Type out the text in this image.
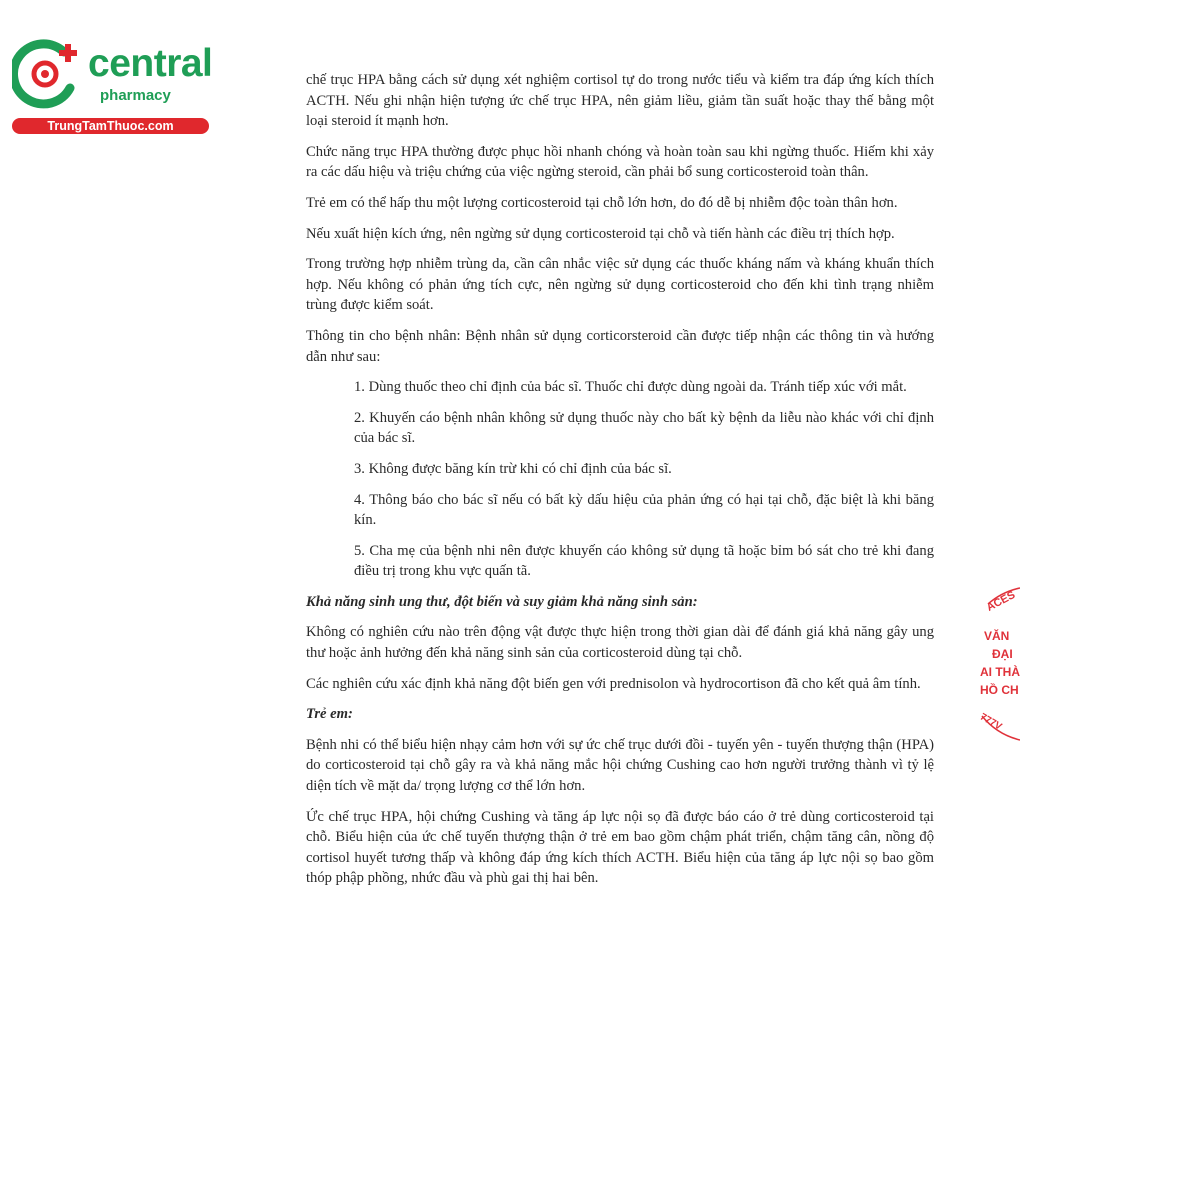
central
pharmacy
TrungTamThuoc.com

chế trục HPA bằng cách sử dụng xét nghiệm cortisol tự do trong nước tiểu và kiểm tra đáp ứng kích thích ACTH. Nếu ghi nhận hiện tượng ức chế trục HPA, nên giảm liều, giảm tần suất hoặc thay thế bằng một loại steroid ít mạnh hơn.

Chức năng trục HPA thường được phục hồi nhanh chóng và hoàn toàn sau khi ngừng thuốc. Hiếm khi xảy ra các dấu hiệu và triệu chứng của việc ngừng steroid, cần phải bổ sung corticosteroid toàn thân.

Trẻ em có thể hấp thu một lượng corticosteroid tại chỗ lớn hơn, do đó dễ bị nhiễm độc toàn thân hơn.

Nếu xuất hiện kích ứng, nên ngừng sử dụng corticosteroid tại chỗ và tiến hành các điều trị thích hợp.

Trong trường hợp nhiễm trùng da, cần cân nhắc việc sử dụng các thuốc kháng nấm và kháng khuẩn thích hợp. Nếu không có phản ứng tích cực, nên ngừng sử dụng corticosteroid cho đến khi tình trạng nhiễm trùng được kiểm soát.

Thông tin cho bệnh nhân: Bệnh nhân sử dụng corticorsteroid cần được tiếp nhận các thông tin và hướng dẫn như sau:

1. Dùng thuốc theo chỉ định của bác sĩ. Thuốc chỉ được dùng ngoài da. Tránh tiếp xúc với mắt.

2. Khuyến cáo bệnh nhân không sử dụng thuốc này cho bất kỳ bệnh da liễu nào khác với chỉ định của bác sĩ.

3. Không được băng kín trừ khi có chỉ định của bác sĩ.

4. Thông báo cho bác sĩ nếu có bất kỳ dấu hiệu của phản ứng có hại tại chỗ, đặc biệt là khi băng kín.

5. Cha mẹ của bệnh nhi nên được khuyến cáo không sử dụng tã hoặc bỉm bó sát cho trẻ khi đang điều trị trong khu vực quấn tã.

Khả năng sinh ung thư, đột biến và suy giảm khả năng sinh sản:

Không có nghiên cứu nào trên động vật được thực hiện trong thời gian dài để đánh giá khả năng gây ung thư hoặc ảnh hưởng đến khả năng sinh sản của corticosteroid dùng tại chỗ.

Các nghiên cứu xác định khả năng đột biến gen với prednisolon và hydrocortison đã cho kết quả âm tính.

Trẻ em:

Bệnh nhi có thể biểu hiện nhạy cảm hơn với sự ức chế trục dưới đồi - tuyến yên - tuyến thượng thận (HPA) do corticosteroid tại chỗ gây ra và khả năng mắc hội chứng Cushing cao hơn người trưởng thành vì tỷ lệ diện tích về mặt da/ trọng lượng cơ thể lớn hơn.

Ức chế trục HPA, hội chứng Cushing và tăng áp lực nội sọ đã được báo cáo ở trẻ dùng corticosteroid tại chỗ. Biểu hiện của ức chế tuyến thượng thận ở trẻ em bao gồm chậm phát triển, chậm tăng cân, nồng độ cortisol huyết tương thấp và không đáp ứng kích thích ACTH. Biểu hiện của tăng áp lực nội sọ bao gồm thóp phập phồng, nhức đầu và phù gai thị hai bên.

ACES
VĂN
ĐẠI
AI THÀ
HỒ CH
777V
